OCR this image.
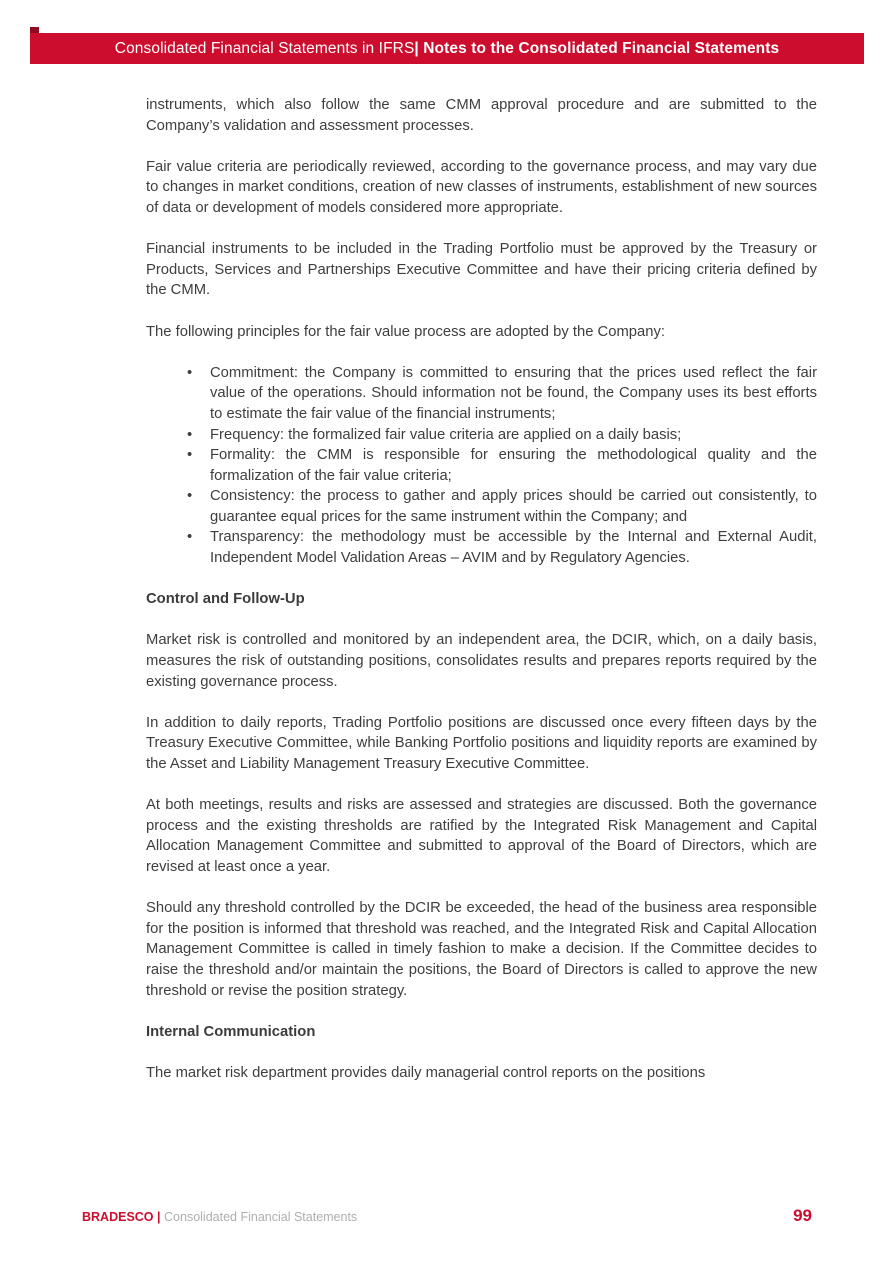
Consolidated Financial Statements in IFRS | Notes to the Consolidated Financial Statements

instruments, which also follow the same CMM approval procedure and are submitted to the Company’s validation and assessment processes.

Fair value criteria are periodically reviewed, according to the governance process, and may vary due to changes in market conditions, creation of new classes of instruments, establishment of new sources of data or development of models considered more appropriate.

Financial instruments to be included in the Trading Portfolio must be approved by the Treasury or Products, Services and Partnerships Executive Committee and have their pricing criteria defined by the CMM.

The following principles for the fair value process are adopted by the Company:

• Commitment: the Company is committed to ensuring that the prices used reflect the fair value of the operations. Should information not be found, the Company uses its best efforts to estimate the fair value of the financial instruments;
• Frequency: the formalized fair value criteria are applied on a daily basis;
• Formality: the CMM is responsible for ensuring the methodological quality and the formalization of the fair value criteria;
• Consistency: the process to gather and apply prices should be carried out consistently, to guarantee equal prices for the same instrument within the Company; and
• Transparency: the methodology must be accessible by the Internal and External Audit, Independent Model Validation Areas – AVIM and by Regulatory Agencies.
Control and Follow-Up

Market risk is controlled and monitored by an independent area, the DCIR, which, on a daily basis, measures the risk of outstanding positions, consolidates results and prepares reports required by the existing governance process.

In addition to daily reports, Trading Portfolio positions are discussed once every fifteen days by the Treasury Executive Committee, while Banking Portfolio positions and liquidity reports are examined by the Asset and Liability Management Treasury Executive Committee.

At both meetings, results and risks are assessed and strategies are discussed. Both the governance process and the existing thresholds are ratified by the Integrated Risk Management and Capital Allocation Management Committee and submitted to approval of the Board of Directors, which are revised at least once a year.

Should any threshold controlled by the DCIR be exceeded, the head of the business area responsible for the position is informed that threshold was reached, and the Integrated Risk and Capital Allocation Management Committee is called in timely fashion to make a decision. If the Committee decides to raise the threshold and/or maintain the positions, the Board of Directors is called to approve the new threshold or revise the position strategy.

Internal Communication

The market risk department provides daily managerial control reports on the positions

BRADESCO | Consolidated Financial Statements	99
